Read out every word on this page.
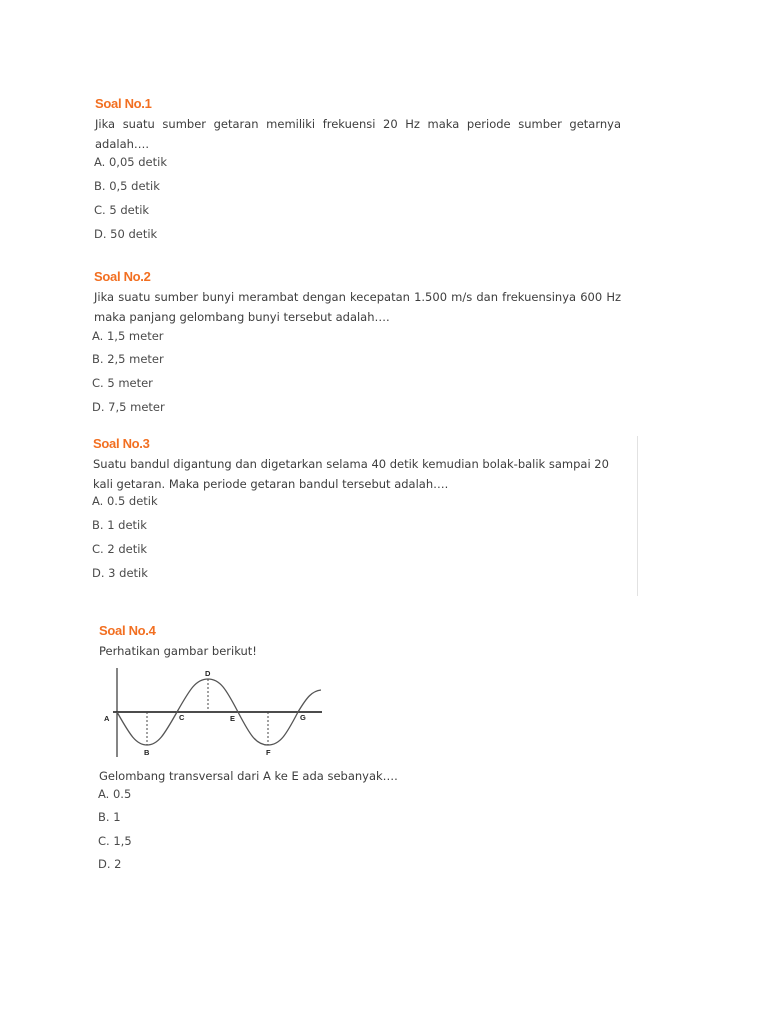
Soal No.1
Jika suatu sumber getaran memiliki frekuensi 20 Hz maka periode sumber getarnya adalah….
A. 0,05 detik
B. 0,5 detik
C. 5 detik
D. 50 detik
Soal No.2
Jika suatu sumber bunyi merambat dengan kecepatan 1.500 m/s dan frekuensinya 600 Hz maka panjang gelombang bunyi tersebut adalah….
A. 1,5 meter
B. 2,5 meter
C. 5 meter
D. 7,5 meter
Soal No.3
Suatu bandul digantung dan digetarkan selama 40 detik kemudian bolak-balik sampai 20 kali getaran. Maka periode getaran bandul tersebut adalah….
A. 0.5 detik
B. 1 detik
C. 2 detik
D. 3 detik
Soal No.4
Perhatikan gambar berikut!
A
B
C
D
E
F
G
Gelombang transversal dari A ke E ada sebanyak….
A. 0.5
B. 1
C. 1,5
D. 2
